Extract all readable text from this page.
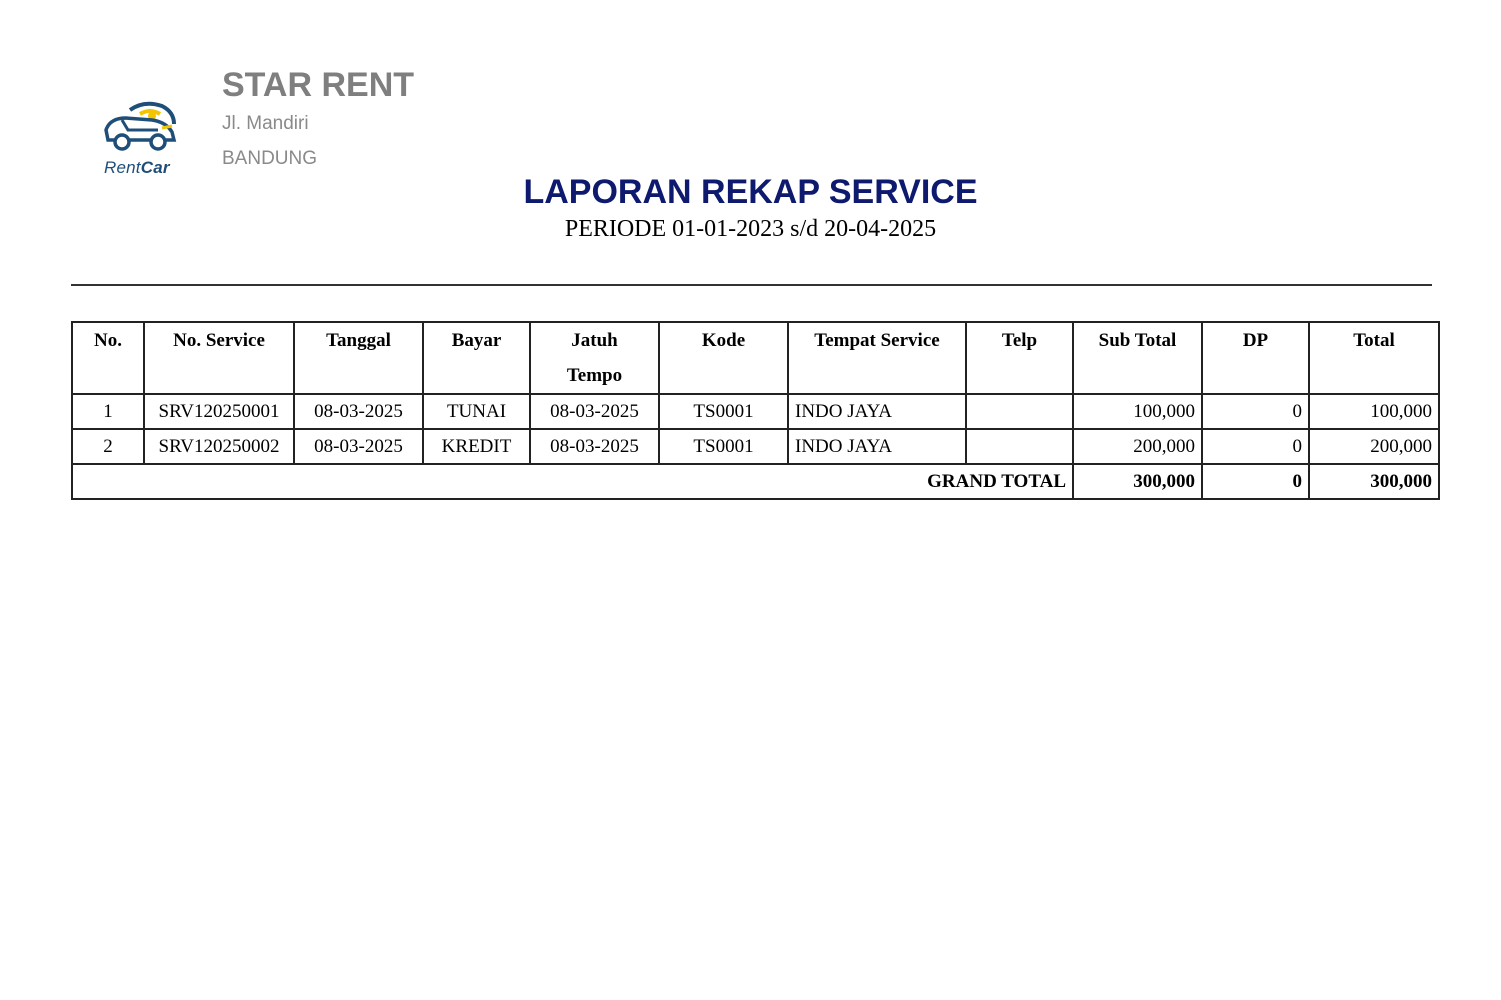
RentCar
STAR RENT
Jl. Mandiri
BANDUNG
LAPORAN REKAP SERVICE
PERIODE 01-01-2023 s/d 20-04-2025
No.	No. Service	Tanggal	Bayar	Jatuh
Tempo	Kode	Tempat Service	Telp	Sub Total	DP	Total
1	SRV120250001	08-03-2025	TUNAI	08-03-2025	TS0001	INDO JAYA		100,000	0	100,000
2	SRV120250002	08-03-2025	KREDIT	08-03-2025	TS0001	INDO JAYA		200,000	0	200,000
GRAND TOTAL								300,000	0	300,000
